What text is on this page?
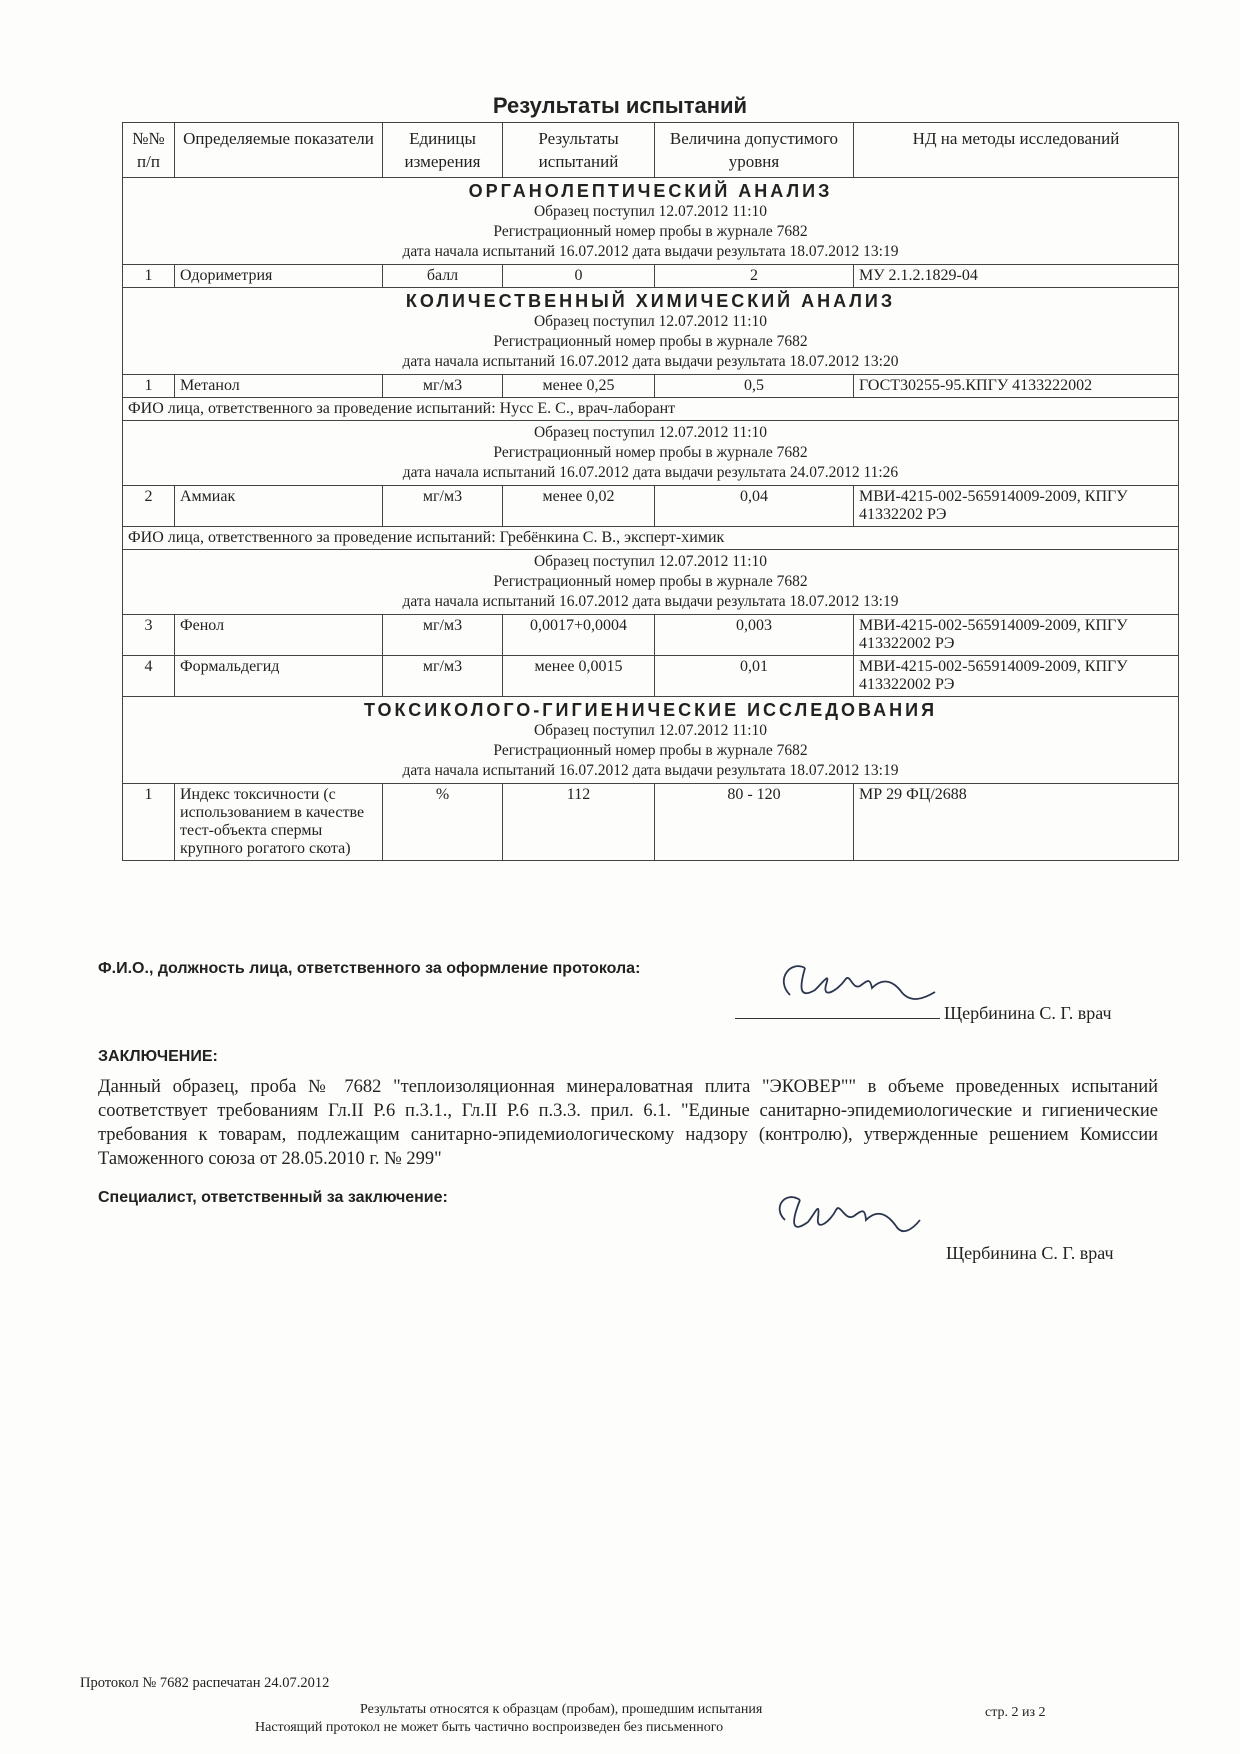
Результаты испытаний
№№ п/п	Определяемые показатели	Единицы измерения	Результаты испытаний	Величина допустимого уровня	НД на методы исследований

ОРГАНОЛЕПТИЧЕСКИЙ АНАЛИЗ
Образец поступил 12.07.2012 11:10
Регистрационный номер пробы в журнале 7682
дата начала испытаний 16.07.2012 дата выдачи результата 18.07.2012 13:19					

1	Одориметрия	балл	0	2	МУ 2.1.2.1829-04

КОЛИЧЕСТВЕННЫЙ ХИМИЧЕСКИЙ АНАЛИЗ
Образец поступил 12.07.2012 11:10
Регистрационный номер пробы в журнале 7682
дата начала испытаний 16.07.2012 дата выдачи результата 18.07.2012 13:20					

1	Метанол	мг/м3	менее 0,25	0,5	ГОСТ30255-95.КПГУ 4133222002
ФИО лица, ответственного за проведение испытаний: Нусс Е. С., врач-лаборант					

Образец поступил 12.07.2012 11:10
Регистрационный номер пробы в журнале 7682
дата начала испытаний 16.07.2012 дата выдачи результата 24.07.2012 11:26					

2	Аммиак	мг/м3	менее 0,02	0,04	МВИ-4215-002-565914009-2009, КПГУ 41332202 РЭ
ФИО лица, ответственного за проведение испытаний: Гребёнкина С. В., эксперт-химик					

Образец поступил 12.07.2012 11:10
Регистрационный номер пробы в журнале 7682
дата начала испытаний 16.07.2012 дата выдачи результата 18.07.2012 13:19					

3	Фенол	мг/м3	0,0017+0,0004	0,003	МВИ-4215-002-565914009-2009, КПГУ 413322002 РЭ
4	Формальдегид	мг/м3	менее 0,0015	0,01	МВИ-4215-002-565914009-2009, КПГУ 413322002 РЭ

ТОКСИКОЛОГО-ГИГИЕНИЧЕСКИЕ ИССЛЕДОВАНИЯ
Образец поступил 12.07.2012 11:10
Регистрационный номер пробы в журнале 7682
дата начала испытаний 16.07.2012 дата выдачи результата 18.07.2012 13:19					

1	Индекс токсичности (с использованием в качестве тест-объекта спермы крупного рогатого скота)	%	112	80 - 120	МР 29 ФЦ/2688
Ф.И.О., должность лица, ответственного за оформление протокола:
Щербинина С. Г. врач
ЗАКЛЮЧЕНИЕ:
Данный образец, проба № 7682 "теплоизоляционная минераловатная плита "ЭКОВЕР"" в объеме проведенных испытаний соответствует требованиям Гл.II Р.6 п.3.1., Гл.II Р.6 п.3.3. прил. 6.1. "Единые санитарно-эпидемиологические и гигиенические требования к товарам, подлежащим санитарно-эпидемиологическому надзору (контролю), утвержденные решением Комиссии Таможенного союза от 28.05.2010 г. № 299"
Специалист, ответственный за заключение:
Щербинина С. Г. врач
Протокол № 7682 распечатан 24.07.2012
Результаты относятся к образцам (пробам), прошедшим испытания
Настоящий протокол не может быть частично воспроизведен без письменного
стр. 2 из 2
